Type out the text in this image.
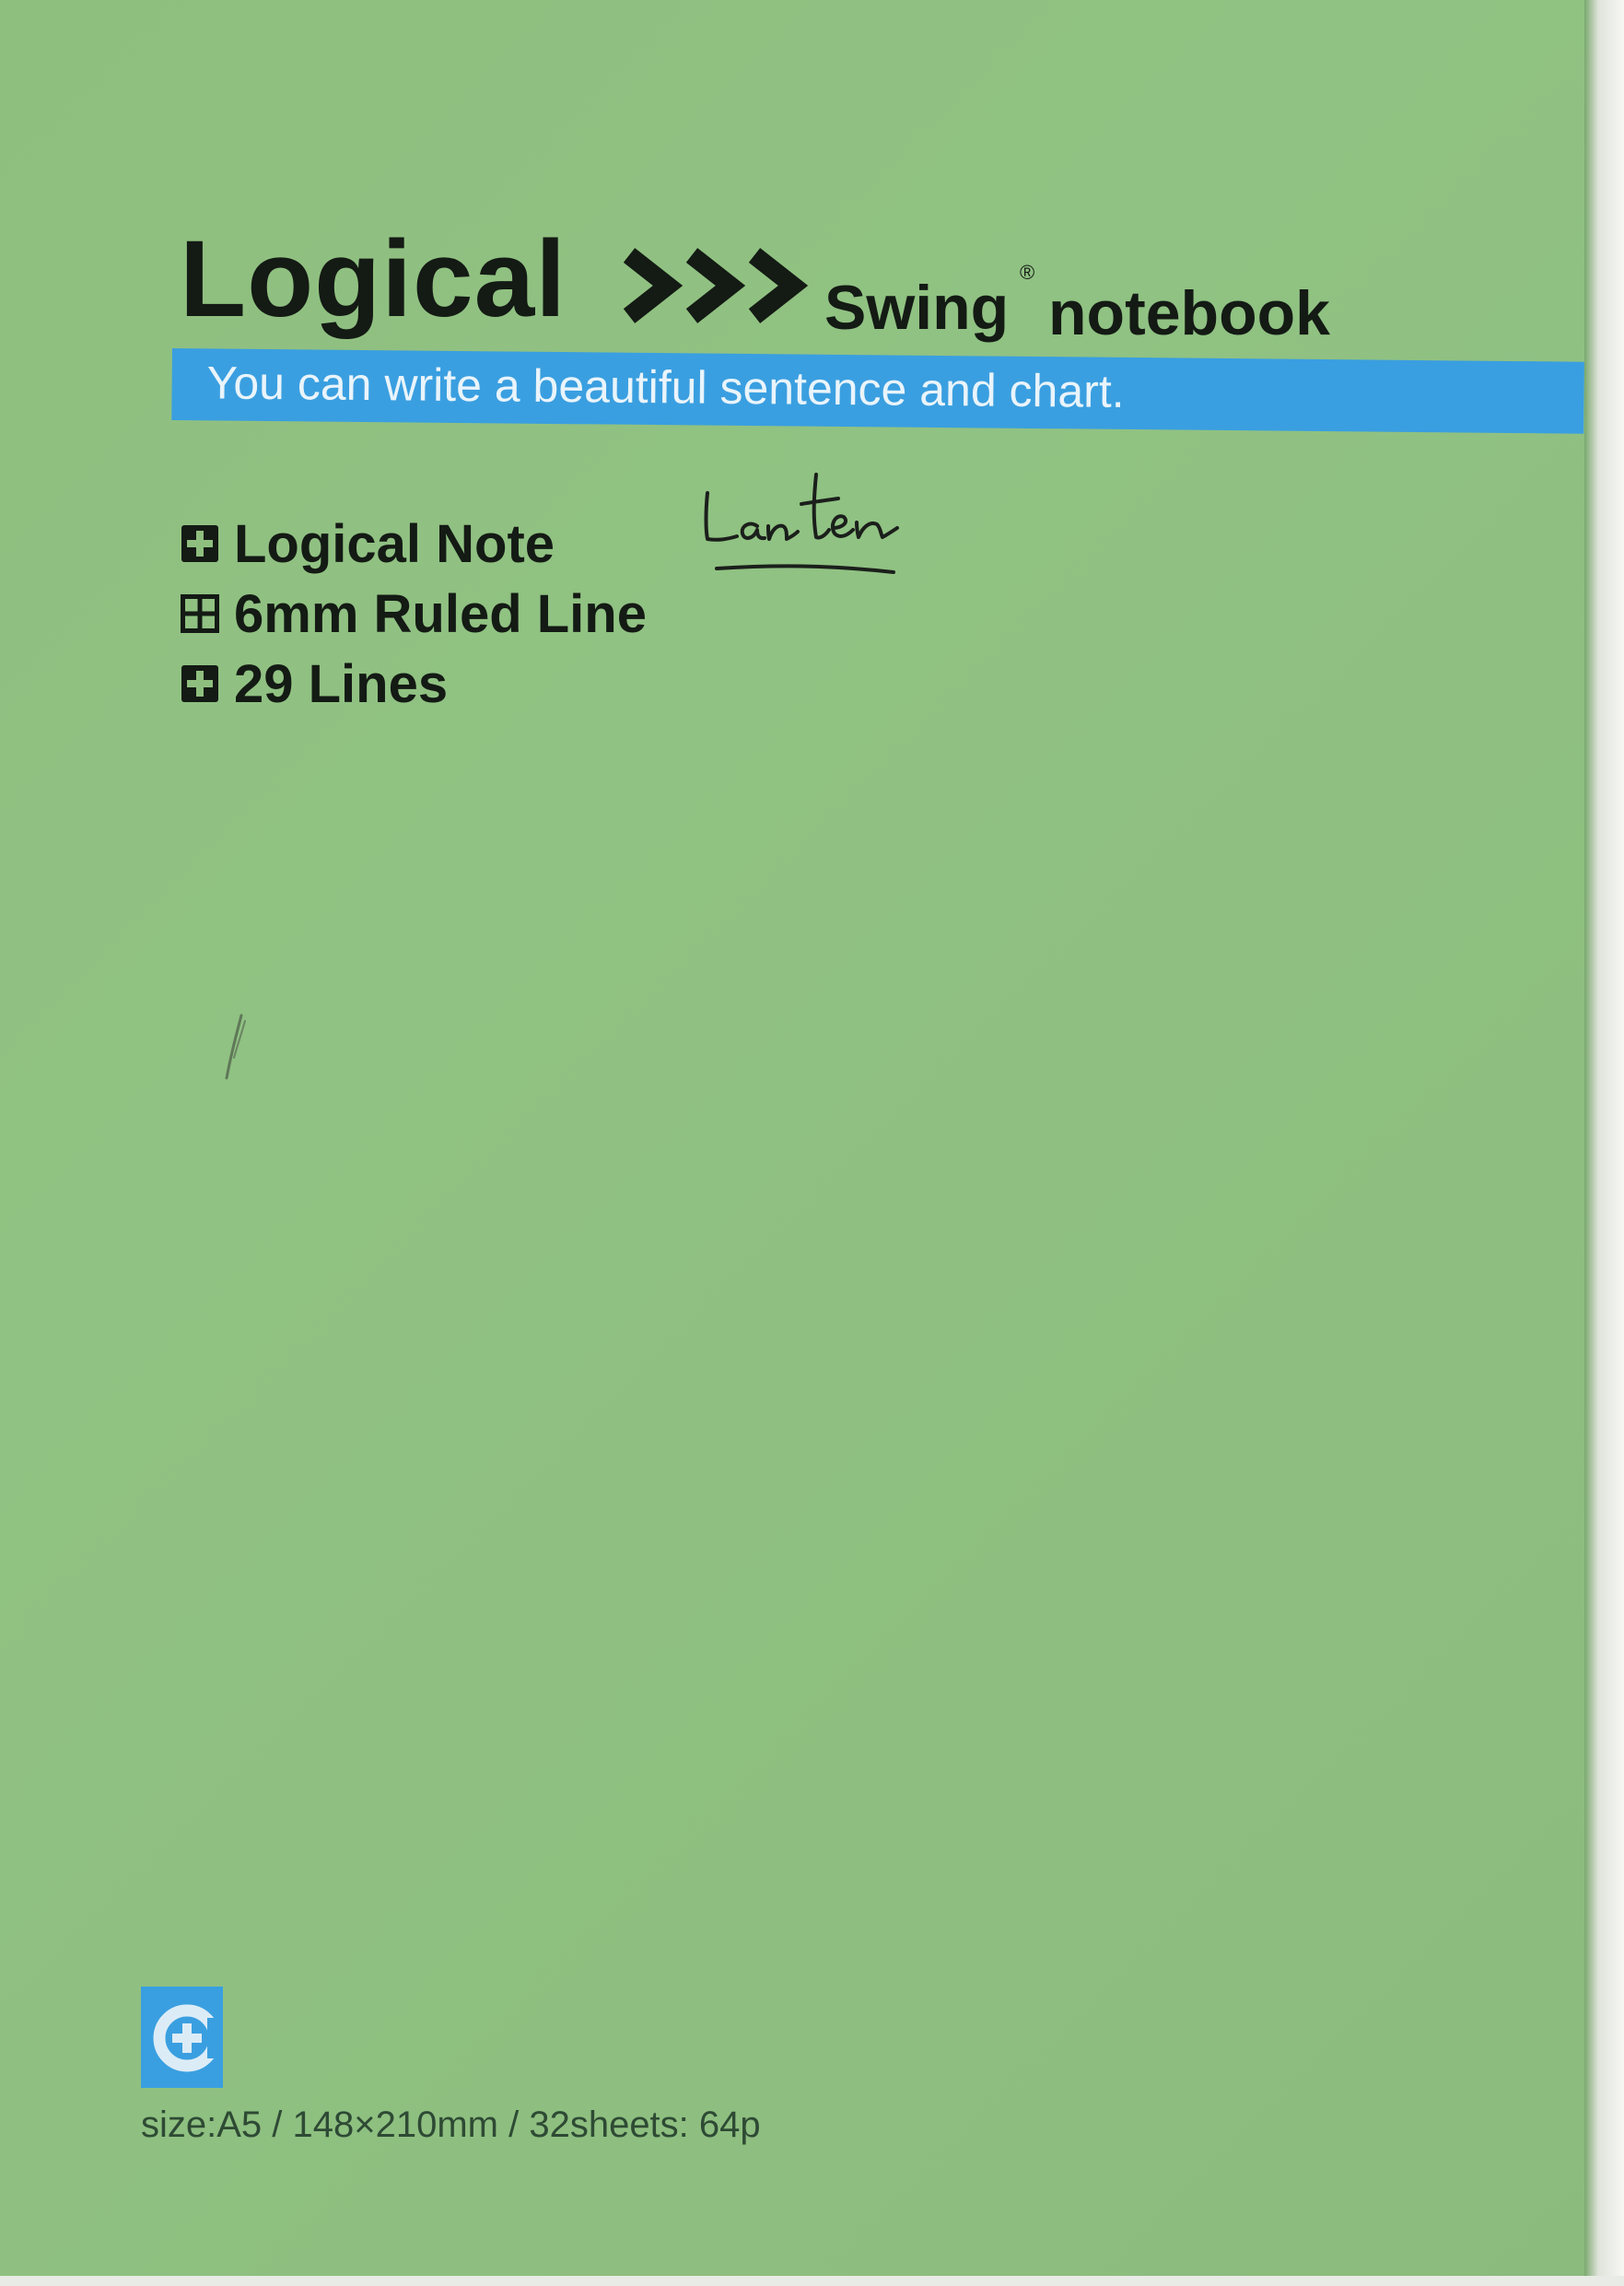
Logical	Swing
®
notebook
You can write a beautiful sentence and chart.
Logical Note
6mm Ruled Line
29 Lines
size:A5 / 148×210mm / 32sheets: 64p
